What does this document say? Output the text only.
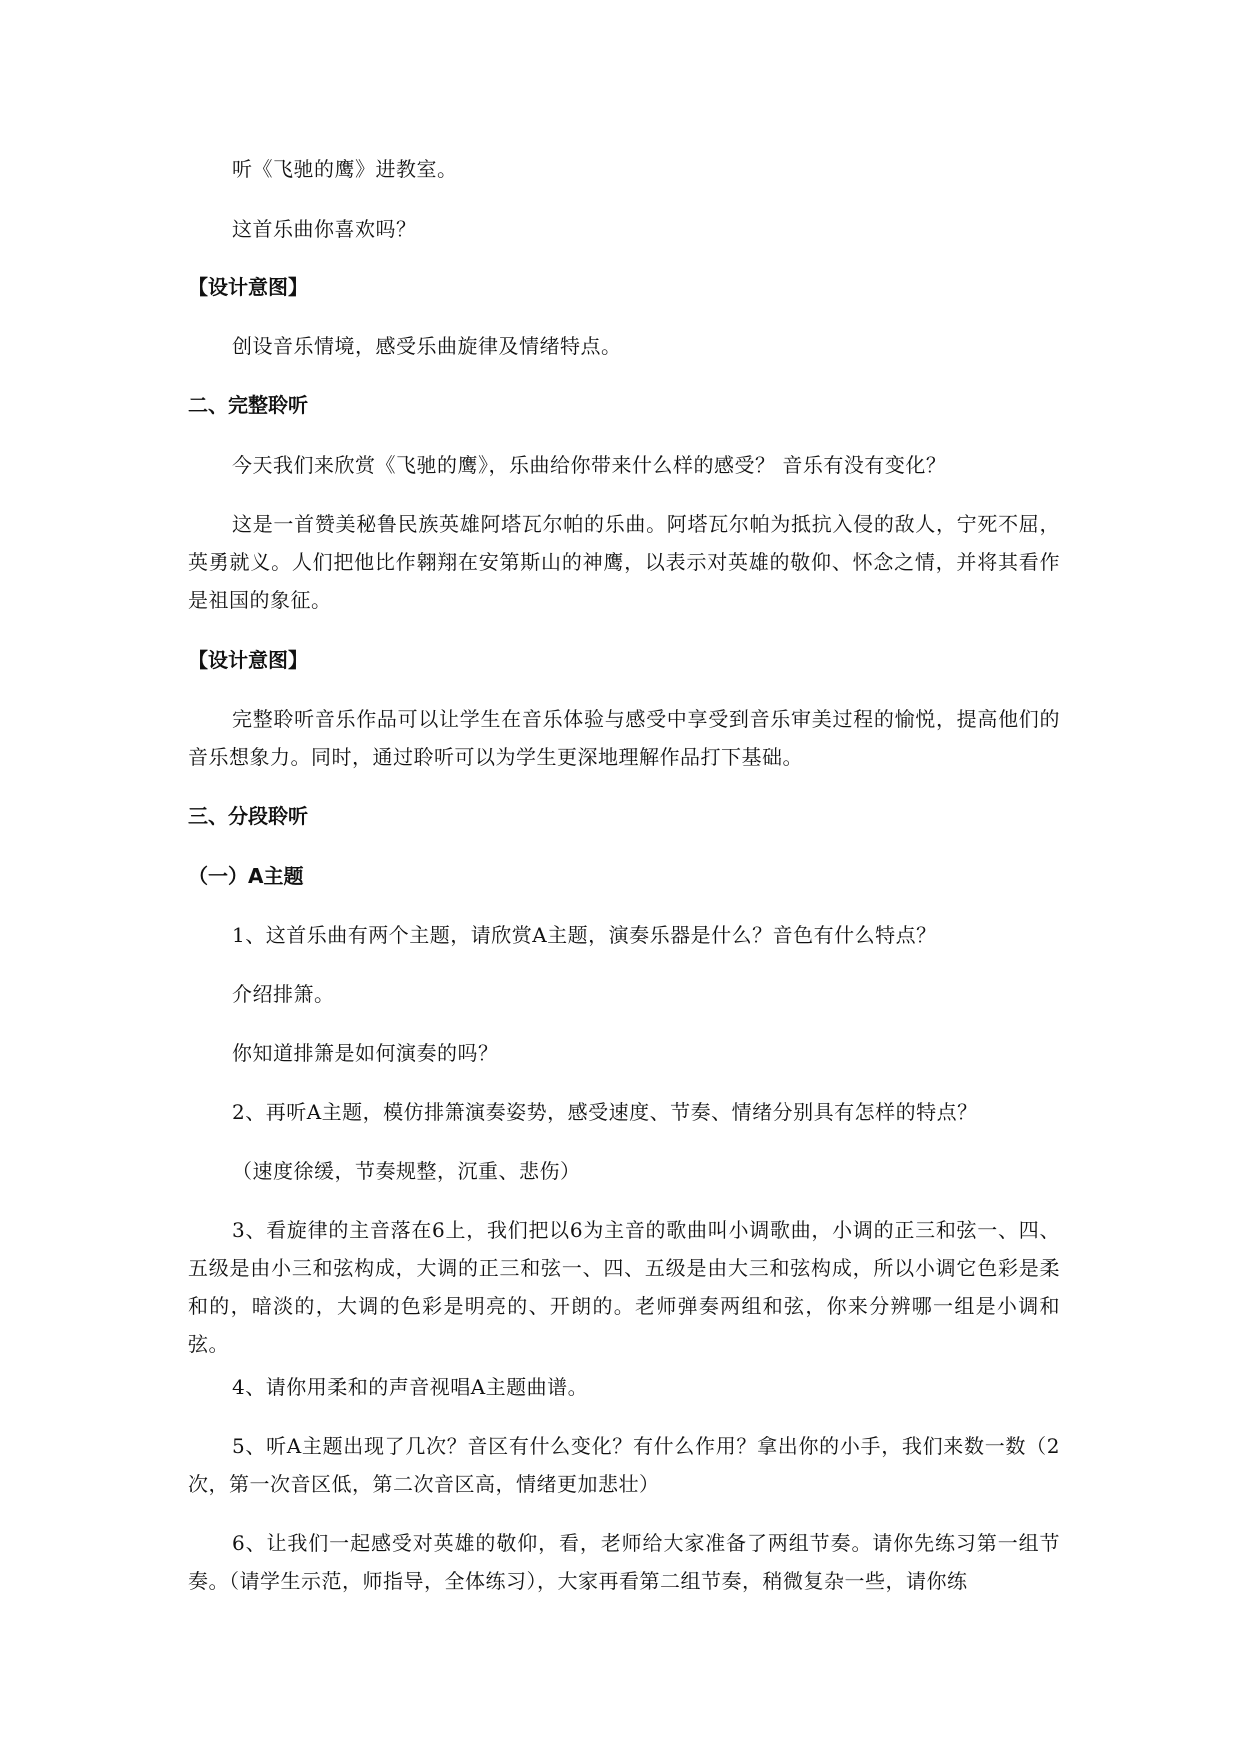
听《飞驰的鹰》进教室。

这首乐曲你喜欢吗？

【设计意图】

创设音乐情境，感受乐曲旋律及情绪特点。

二、完整聆听

今天我们来欣赏《飞驰的鹰》，乐曲给你带来什么样的感受？ 音乐有没有变化？

这是一首赞美秘鲁民族英雄阿塔瓦尔帕的乐曲。阿塔瓦尔帕为抵抗入侵的敌人，宁死不屈，英勇就义。人们把他比作翱翔在安第斯山的神鹰，以表示对英雄的敬仰、怀念之情，并将其看作是祖国的象征。

【设计意图】

完整聆听音乐作品可以让学生在音乐体验与感受中享受到音乐审美过程的愉悦，提高他们的音乐想象力。同时，通过聆听可以为学生更深地理解作品打下基础。

三、分段聆听

（一）A主题

1、这首乐曲有两个主题，请欣赏A主题，演奏乐器是什么？音色有什么特点？

介绍排箫。

你知道排箫是如何演奏的吗？

2、再听A主题，模仿排箫演奏姿势，感受速度、节奏、情绪分别具有怎样的特点？

（速度徐缓，节奏规整，沉重、悲伤）

3、看旋律的主音落在6上，我们把以6为主音的歌曲叫小调歌曲，小调的正三和弦一、四、五级是由小三和弦构成，大调的正三和弦一、四、五级是由大三和弦构成，所以小调它色彩是柔和的，暗淡的，大调的色彩是明亮的、开朗的。老师弹奏两组和弦，你来分辨哪一组是小调和弦。

4、请你用柔和的声音视唱A主题曲谱。

5、听A主题出现了几次？音区有什么变化？有什么作用？拿出你的小手，我们来数一数（2次，第一次音区低，第二次音区高，情绪更加悲壮）

6、让我们一起感受对英雄的敬仰，看，老师给大家准备了两组节奏。请你先练习第一组节奏。（请学生示范，师指导，全体练习），大家再看第二组节奏，稍微复杂一些，请你练
